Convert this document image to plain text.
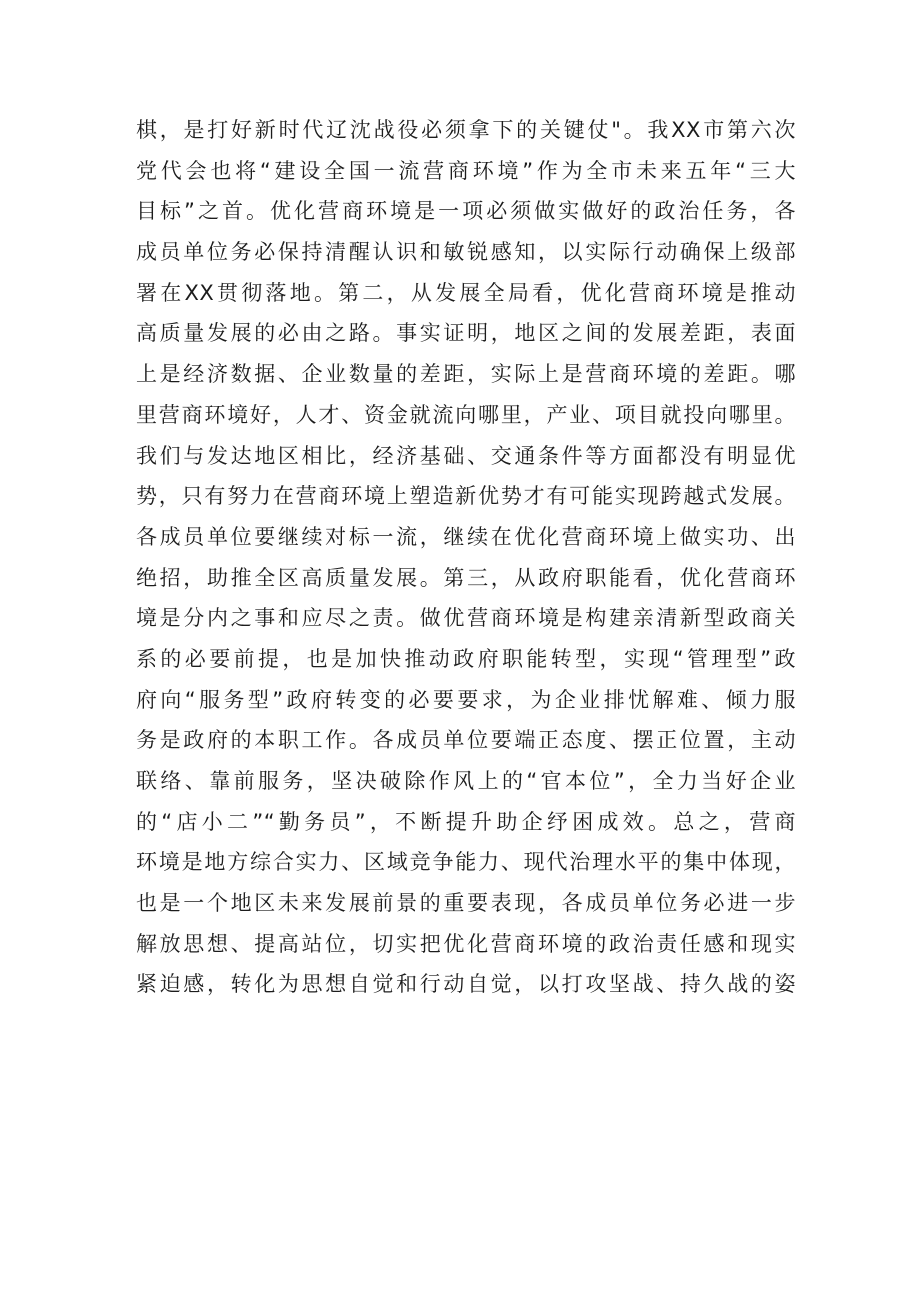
棋，是打好新时代辽沈战役必须拿下的关键仗"。我XX市第六次
党代会也将“建设全国一流营商环境”作为全市未来五年“三大
目标”之首。优化营商环境是一项必须做实做好的政治任务，各
成员单位务必保持清醒认识和敏锐感知，以实际行动确保上级部
署在XX贯彻落地。第二，从发展全局看，优化营商环境是推动
高质量发展的必由之路。事实证明，地区之间的发展差距，表面
上是经济数据、企业数量的差距，实际上是营商环境的差距。哪
里营商环境好，人才、资金就流向哪里，产业、项目就投向哪里。
我们与发达地区相比，经济基础、交通条件等方面都没有明显优
势，只有努力在营商环境上塑造新优势才有可能实现跨越式发展。
各成员单位要继续对标一流，继续在优化营商环境上做实功、出
绝招，助推全区高质量发展。第三，从政府职能看，优化营商环
境是分内之事和应尽之责。做优营商环境是构建亲清新型政商关
系的必要前提，也是加快推动政府职能转型，实现“管理型”政
府向“服务型”政府转变的必要要求，为企业排忧解难、倾力服
务是政府的本职工作。各成员单位要端正态度、摆正位置，主动
联络、靠前服务，坚决破除作风上的“官本位”，全力当好企业
的“店小二”“勤务员”，不断提升助企纾困成效。总之，营商
环境是地方综合实力、区域竞争能力、现代治理水平的集中体现，
也是一个地区未来发展前景的重要表现，各成员单位务必进一步
解放思想、提高站位，切实把优化营商环境的政治责任感和现实
紧迫感，转化为思想自觉和行动自觉，以打攻坚战、持久战的姿
